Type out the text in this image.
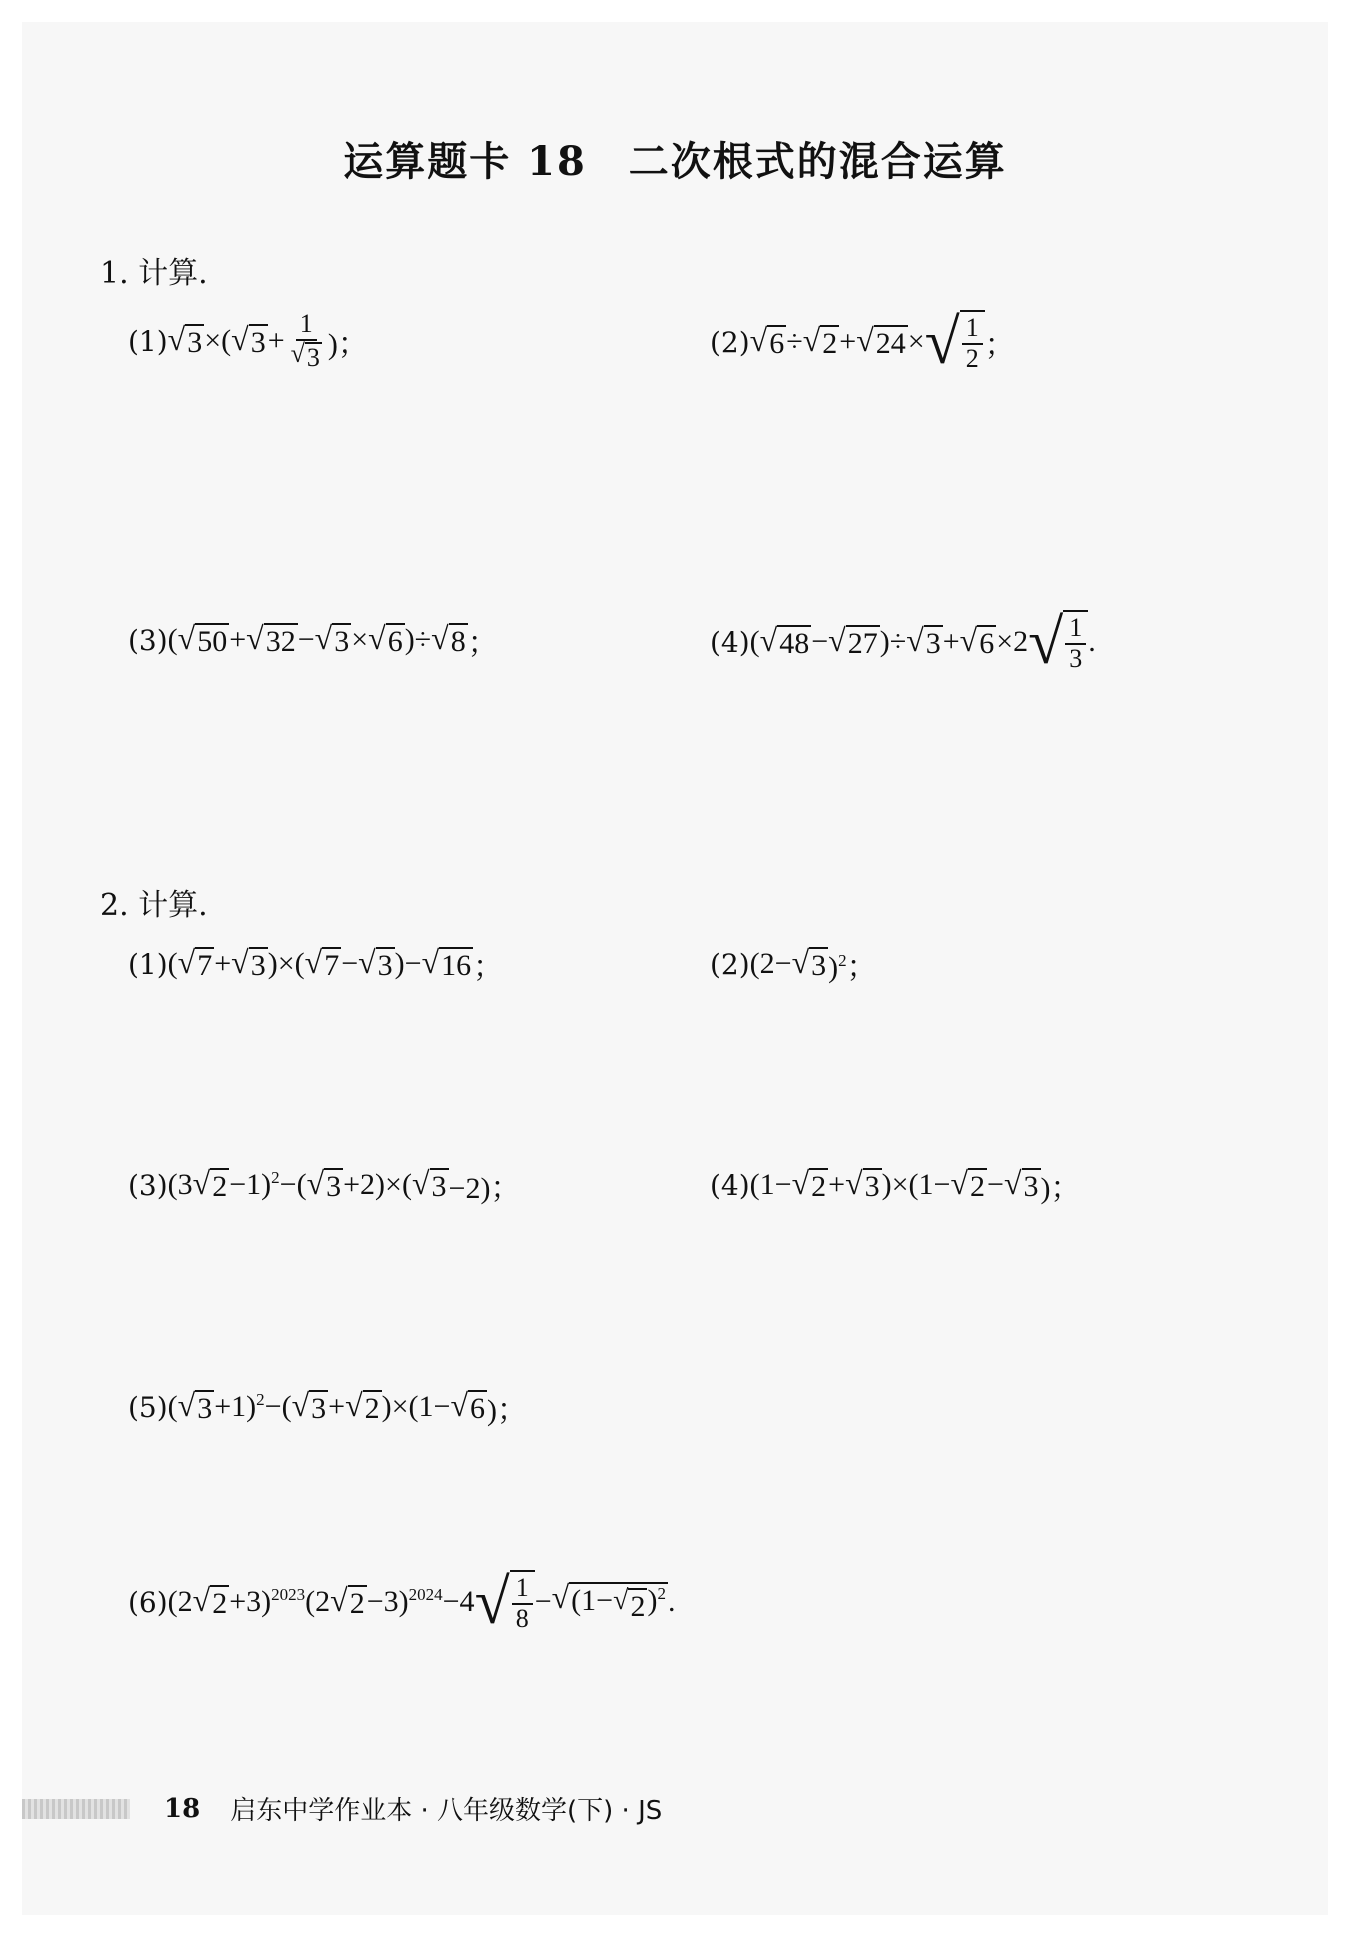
运算题卡 18　二次根式的混合运算
1. 计算.
(1) √ 3 ×( √ $3 + \frac{1}{√ 3}$ )；	(2) √ 6 ÷ √ 2 + √ 24 × √ $\frac{1}{2}$ ；
(3) ( √ 50 + √ 32 − √ 3 × √ 6 )÷ √ 8 ；	(4) ( √ 48 − √ 27 )÷ √ 3 + √ 6 ×2 √ $\frac{1}{3}$ .
2. 计算.
(1) ( √ 7 + √ 3 )×( √ 7 − √ 3 )− √ 16 ；	(2) (2− √ 3 )$^2$；
(3) (3 √ 2 −1)$^2$−( √ 3 +2)×( √ 3 −2)；	(4) (1− √ 2 + √ 3 )×(1− √ 2 − √ 3 )；
(5) ( √ 3 +1)$^2$−( √ 3 + √ 2 )×(1− √ 6 )；
(6) (2 √ 2 +3)$^{2023}$(2 √ 2 −3)$^{2024}$−4 √ $\frac{1}{8}$ − √ (1− √ 2 )$^2$ .
18 启东中学作业本 · 八年级数学(下) · JS
